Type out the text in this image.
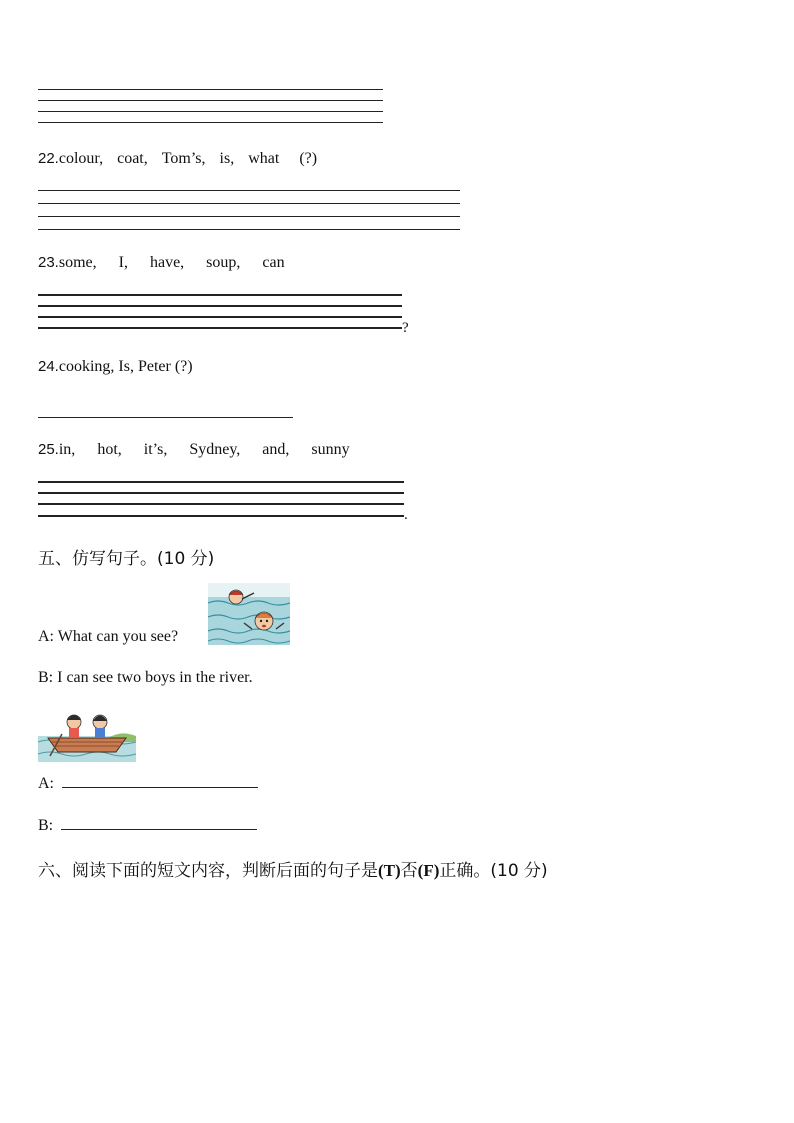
22.colour, coat, Tom’s, is, what (?)
23.some, I, have, soup, can
?
24.cooking, Is, Peter (?)
25.in, hot, it’s, Sydney, and, sunny
.
五、仿写句子。(10 分)
A: What can you see?
B: I can see two boys in the river.
A:
B:
六、阅读下面的短文内容，判断后面的句子是(T)否(F)正确。(10 分)
